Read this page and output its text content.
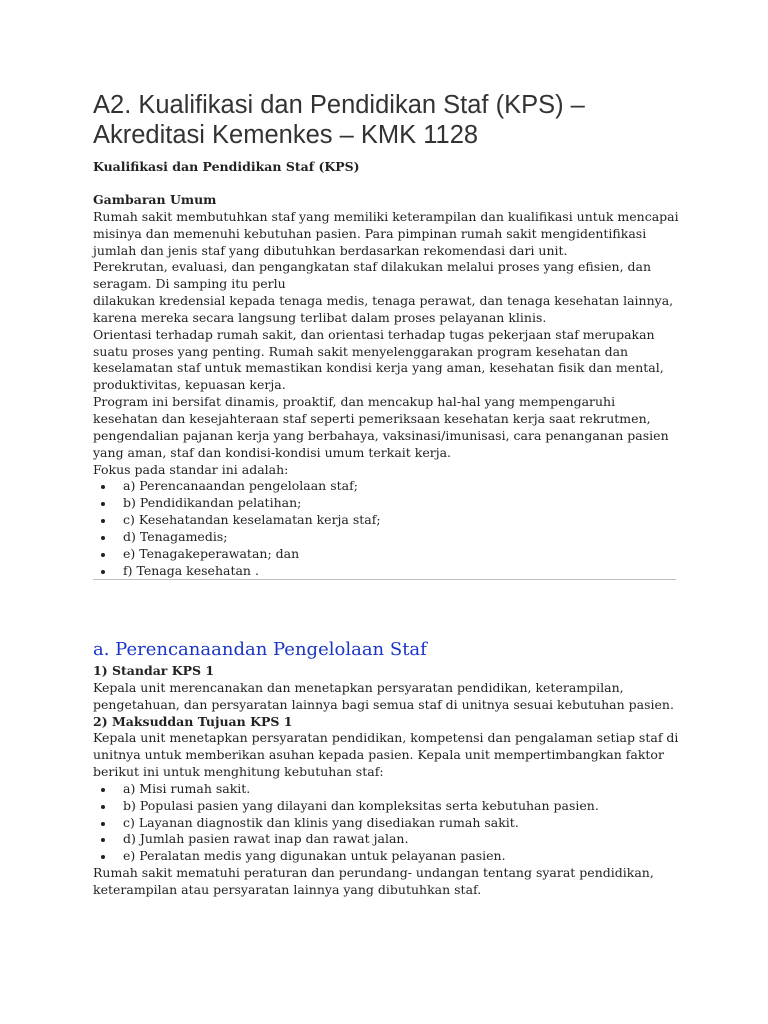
A2. Kualifikasi dan Pendidikan Staf (KPS) – Akreditasi Kemenkes – KMK 1128

Kualifikasi dan Pendidikan Staf (KPS)

Gambaran Umum

Rumah sakit membutuhkan staf yang memiliki keterampilan dan kualifikasi untuk mencapai misinya dan memenuhi kebutuhan pasien. Para pimpinan rumah sakit mengidentifikasi jumlah dan jenis staf yang dibutuhkan berdasarkan rekomendasi dari unit.

Perekrutan, evaluasi, dan pengangkatan staf dilakukan melalui proses yang efisien, dan seragam. Di samping itu perlu

dilakukan kredensial kepada tenaga medis, tenaga perawat, dan tenaga kesehatan lainnya, karena mereka secara langsung terlibat dalam proses pelayanan klinis.

Orientasi terhadap rumah sakit, dan orientasi terhadap tugas pekerjaan staf merupakan suatu proses yang penting. Rumah sakit menyelenggarakan program kesehatan dan keselamatan staf untuk memastikan kondisi kerja yang aman, kesehatan fisik dan mental, produktivitas, kepuasan kerja.

Program ini bersifat dinamis, proaktif, dan mencakup hal-hal yang mempengaruhi kesehatan dan kesejahteraan staf seperti pemeriksaan kesehatan kerja saat rekrutmen, pengendalian pajanan kerja yang berbahaya, vaksinasi/imunisasi, cara penanganan pasien yang aman, staf dan kondisi-kondisi umum terkait kerja.

Fokus pada standar ini adalah:

a) Perencanaandan pengelolaan staf;
b) Pendidikandan pelatihan;
c) Kesehatandan keselamatan kerja staf;
d) Tenagamedis;
e) Tenagakeperawatan; dan
f) Tenaga kesehatan .
a. Perencanaandan Pengelolaan Staf

1) Standar KPS 1

Kepala unit merencanakan dan menetapkan persyaratan pendidikan, keterampilan, pengetahuan, dan persyaratan lainnya bagi semua staf di unitnya sesuai kebutuhan pasien.

2) Maksuddan Tujuan KPS 1

Kepala unit menetapkan persyaratan pendidikan, kompetensi dan pengalaman setiap staf di unitnya untuk memberikan asuhan kepada pasien. Kepala unit mempertimbangkan faktor berikut ini untuk menghitung kebutuhan staf:

a) Misi rumah sakit.
b) Populasi pasien yang dilayani dan kompleksitas serta kebutuhan pasien.
c) Layanan diagnostik dan klinis yang disediakan rumah sakit.
d) Jumlah pasien rawat inap dan rawat jalan.
e) Peralatan medis yang digunakan untuk pelayanan pasien.

Rumah sakit mematuhi peraturan dan perundang- undangan tentang syarat pendidikan, keterampilan atau persyaratan lainnya yang dibutuhkan staf.
